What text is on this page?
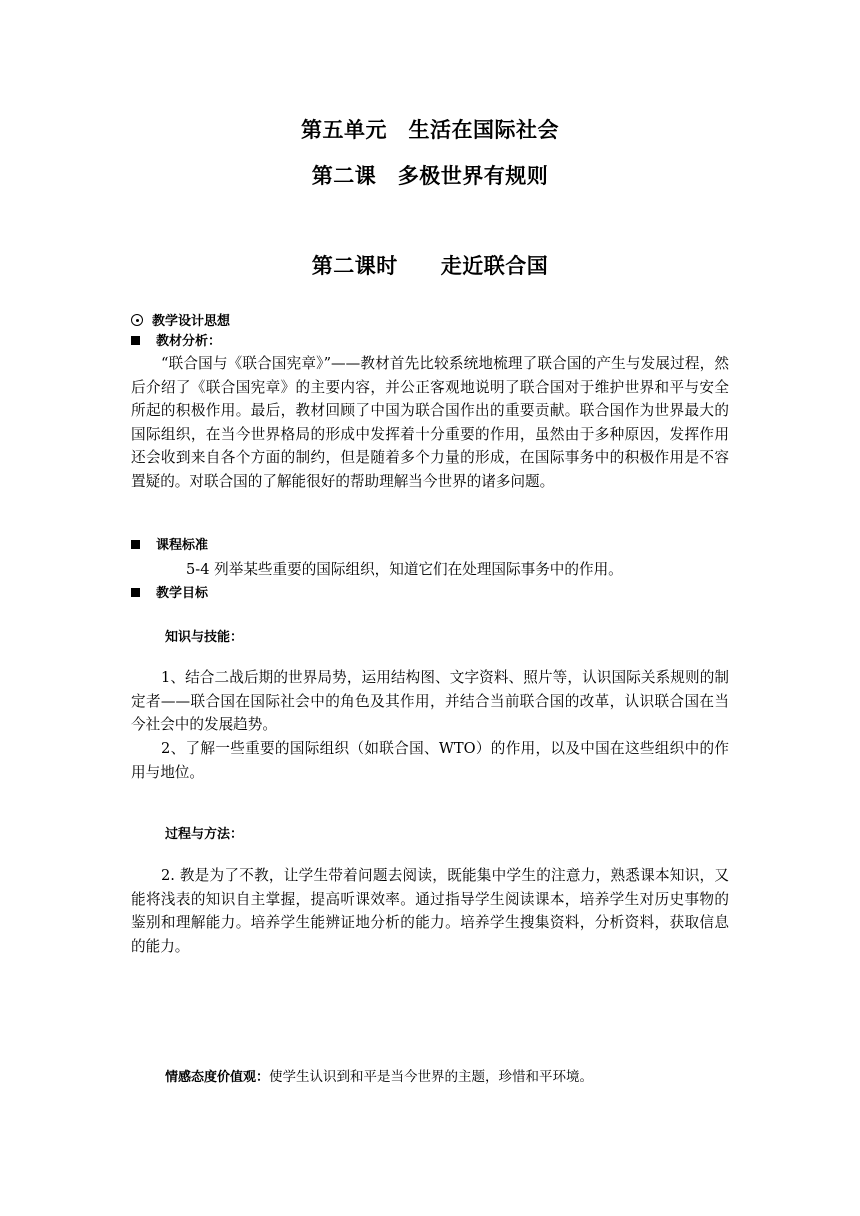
第五单元　生活在国际社会
第二课　多极世界有规则
第二课时　　走近联合国
教学设计思想
教材分析：
“联合国与《联合国宪章》”——教材首先比较系统地梳理了联合国的产生与发展过程，然后介绍了《联合国宪章》的主要内容，并公正客观地说明了联合国对于维护世界和平与安全所起的积极作用。最后，教材回顾了中国为联合国作出的重要贡献。联合国作为世界最大的国际组织，在当今世界格局的形成中发挥着十分重要的作用，虽然由于多种原因，发挥作用还会收到来自各个方面的制约，但是随着多个力量的形成，在国际事务中的积极作用是不容置疑的。对联合国的了解能很好的帮助理解当今世界的诸多问题。
课程标准
5-4 列举某些重要的国际组织，知道它们在处理国际事务中的作用。
教学目标
知识与技能：
1、结合二战后期的世界局势，运用结构图、文字资料、照片等，认识国际关系规则的制定者——联合国在国际社会中的角色及其作用，并结合当前联合国的改革，认识联合国在当今社会中的发展趋势。
2、了解一些重要的国际组织（如联合国、WTO）的作用，以及中国在这些组织中的作用与地位。
过程与方法：
2. 教是为了不教，让学生带着问题去阅读，既能集中学生的注意力，熟悉课本知识，又能将浅表的知识自主掌握，提高听课效率。通过指导学生阅读课本，培养学生对历史事物的鉴别和理解能力。培养学生能辨证地分析的能力。培养学生搜集资料，分析资料，获取信息的能力。
情感态度价值观：使学生认识到和平是当今世界的主题，珍惜和平环境。
